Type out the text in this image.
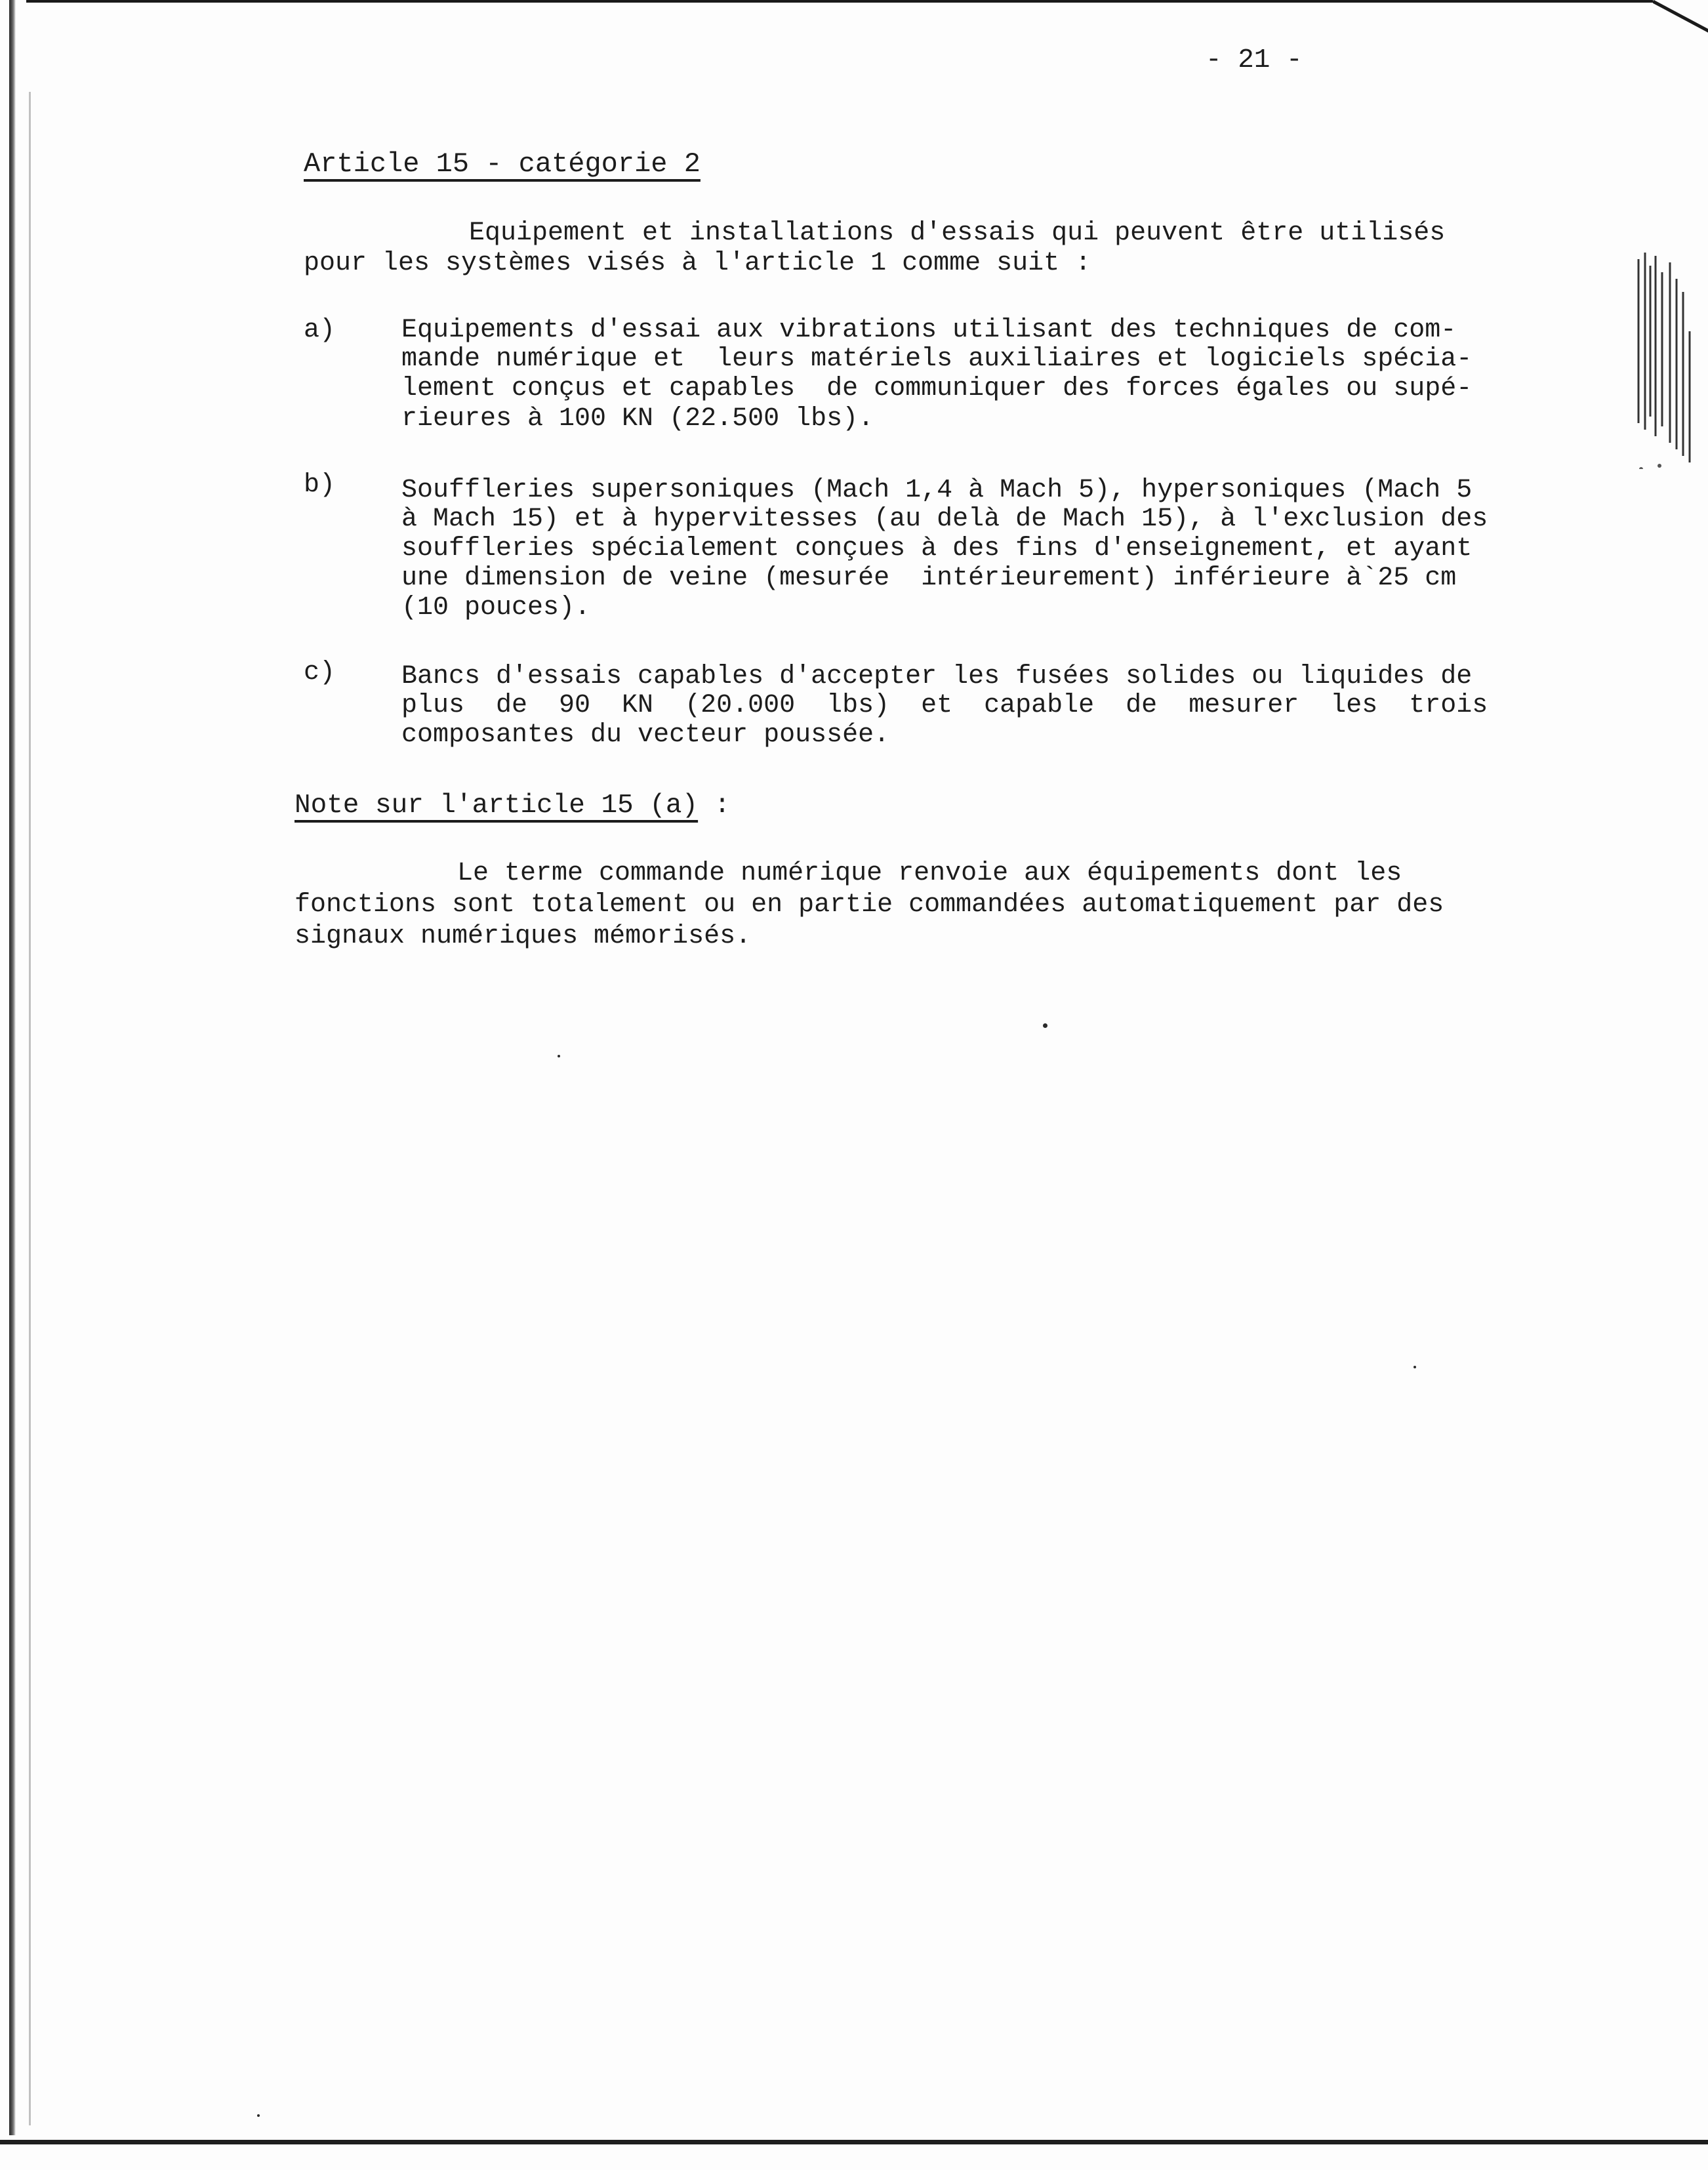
- 21 -
Article 15 - catégorie 2
Equipement et installations d'essais qui peuvent être utilisés
pour les systèmes visés à l'article 1 comme suit :
a)	Equipements d'essai aux vibrations utilisant des techniques de com-
mande numérique et  leurs matériels auxiliaires et logiciels spécia-
lement conçus et capables  de communiquer des forces égales ou supé-
rieures à 100 KN (22.500 lbs).
b)	Souffleries supersoniques (Mach 1,4 à Mach 5), hypersoniques (Mach 5
à Mach 15) et à hypervitesses (au delà de Mach 15), à l'exclusion des
souffleries spécialement conçues à des fins d'enseignement, et ayant
une dimension de veine (mesurée  intérieurement) inférieure à`25 cm
(10 pouces).
c)	Bancs d'essais capables d'accepter les fusées solides ou liquides de
plus  de  90  KN  (20.000  lbs)  et  capable  de  mesurer  les  trois
composantes du vecteur poussée.
Note sur l'article 15 (a) :
Le terme commande numérique renvoie aux équipements dont les
fonctions sont totalement ou en partie commandées automatiquement par des
signaux numériques mémorisés.
